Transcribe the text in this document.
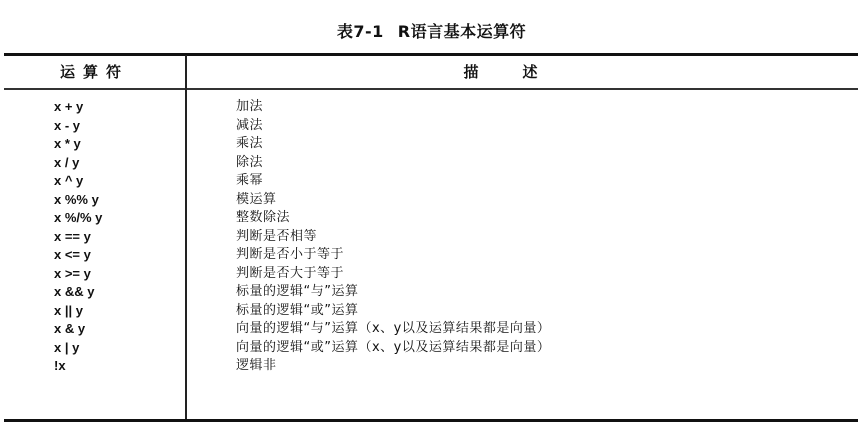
表7-1 R语言基本运算符
运算符	描述
x + y	加法
x - y	减法
x * y	乘法
x / y	除法
x ^ y	乘幂
x %% y	模运算
x %/% y	整数除法
x == y	判断是否相等
x <= y	判断是否小于等于
x >= y	判断是否大于等于
x && y	标量的逻辑“与”运算
x || y	标量的逻辑“或”运算
x & y	向量的逻辑“与”运算（x、y以及运算结果都是向量）
x | y	向量的逻辑“或”运算（x、y以及运算结果都是向量）
!x	逻辑非
